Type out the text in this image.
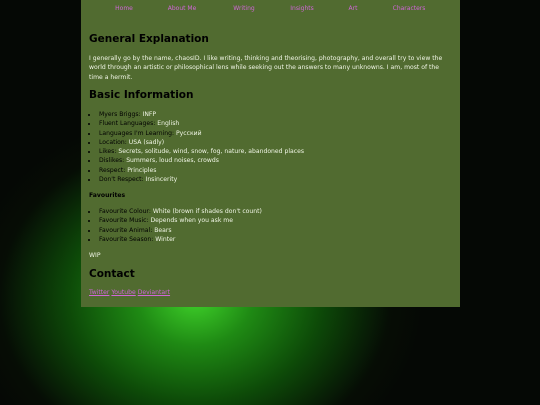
Home	About Me	Writing	Insights	Art	Characters
General Explanation

I generally go by the name, chaosID. I like writing, thinking and theorising, photography, and overall try to view the world through an artistic or philosophical lens while seeking out the answers to many unknowns. I am, most of the time a hermit.

Basic Information
• Myers Briggs: INFP
• Fluent Languages: English
• Languages I'm Learning: Русский
• Location: USA (sadly)
• Likes: Secrets, solitude, wind, snow, fog, nature, abandoned places
• Dislikes: Summers, loud noises, crowds
• Respect: Principles
• Don't Respect: Insincerity

Favourites

• Favourite Colour: White (brown if shades don't count)
• Favourite Music: Depends when you ask me
• Favourite Animal: Bears
• Favourite Season: Winter

WIP

Contact
Twitter Youtube Deviantart
